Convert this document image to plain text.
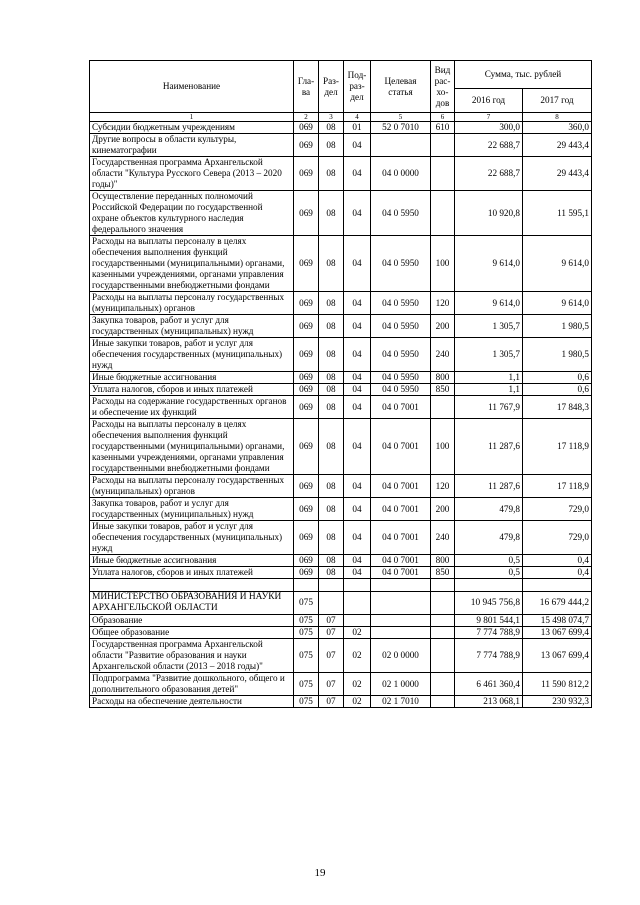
Наименование	Гла-ва	Раз-дел	Под-раз-дел	Целевая статья	Вид рас-хо-дов	Сумма, тыс. рублей	
						2016 год	2017 год
1	2	3	4	5	6	7	8
Субсидии бюджетным учреждениям	069	08	01	52 0 7010	610	300,0	360,0
Другие вопросы в области культуры, кинематографии	069	08	04			22 688,7	29 443,4
Государственная программа Архангельской области "Культура Русского Севера (2013 – 2020 годы)"	069	08	04	04 0 0000		22 688,7	29 443,4
Осуществление переданных полномочий Российской Федерации по государственной охране объектов культурного наследия федерального значения	069	08	04	04 0 5950		10 920,8	11 595,1
Расходы на выплаты персоналу в целях обеспечения выполнения функций государственными (муниципальными) органами, казенными учреждениями, органами управления государственными внебюджетными фондами	069	08	04	04 0 5950	100	9 614,0	9 614,0
Расходы на выплаты персоналу государственных (муниципальных) органов	069	08	04	04 0 5950	120	9 614,0	9 614,0
Закупка товаров, работ и услуг для государственных (муниципальных) нужд	069	08	04	04 0 5950	200	1 305,7	1 980,5
Иные закупки товаров, работ и услуг для обеспечения государственных (муниципальных) нужд	069	08	04	04 0 5950	240	1 305,7	1 980,5
Иные бюджетные ассигнования	069	08	04	04 0 5950	800	1,1	0,6
Уплата налогов, сборов и иных платежей	069	08	04	04 0 5950	850	1,1	0,6
Расходы на содержание государственных органов и обеспечение их функций	069	08	04	04 0 7001		11 767,9	17 848,3
Расходы на выплаты персоналу в целях обеспечения выполнения функций государственными (муниципальными) органами, казенными учреждениями, органами управления государственными внебюджетными фондами	069	08	04	04 0 7001	100	11 287,6	17 118,9
Расходы на выплаты персоналу государственных (муниципальных) органов	069	08	04	04 0 7001	120	11 287,6	17 118,9
Закупка товаров, работ и услуг для государственных (муниципальных) нужд	069	08	04	04 0 7001	200	479,8	729,0
Иные закупки товаров, работ и услуг для обеспечения государственных (муниципальных) нужд	069	08	04	04 0 7001	240	479,8	729,0
Иные бюджетные ассигнования	069	08	04	04 0 7001	800	0,5	0,4
Уплата налогов, сборов и иных платежей	069	08	04	04 0 7001	850	0,5	0,4

МИНИСТЕРСТВО ОБРАЗОВАНИЯ И НАУКИ АРХАНГЕЛЬСКОЙ ОБЛАСТИ	075					10 945 756,8	16 679 444,2
Образование	075	07				9 801 544,1	15 498 074,7
Общее образование	075	07	02			7 774 788,9	13 067 699,4
Государственная программа Архангельской области "Развитие образования и науки Архангельской области (2013 – 2018 годы)"	075	07	02	02 0 0000		7 774 788,9	13 067 699,4
Подпрограмма "Развитие дошкольного, общего и дополнительного образования детей"	075	07	02	02 1 0000		6 461 360,4	11 590 812,2
Расходы на обеспечение деятельности	075	07	02	02 1 7010		213 068,1	230 932,3
19
